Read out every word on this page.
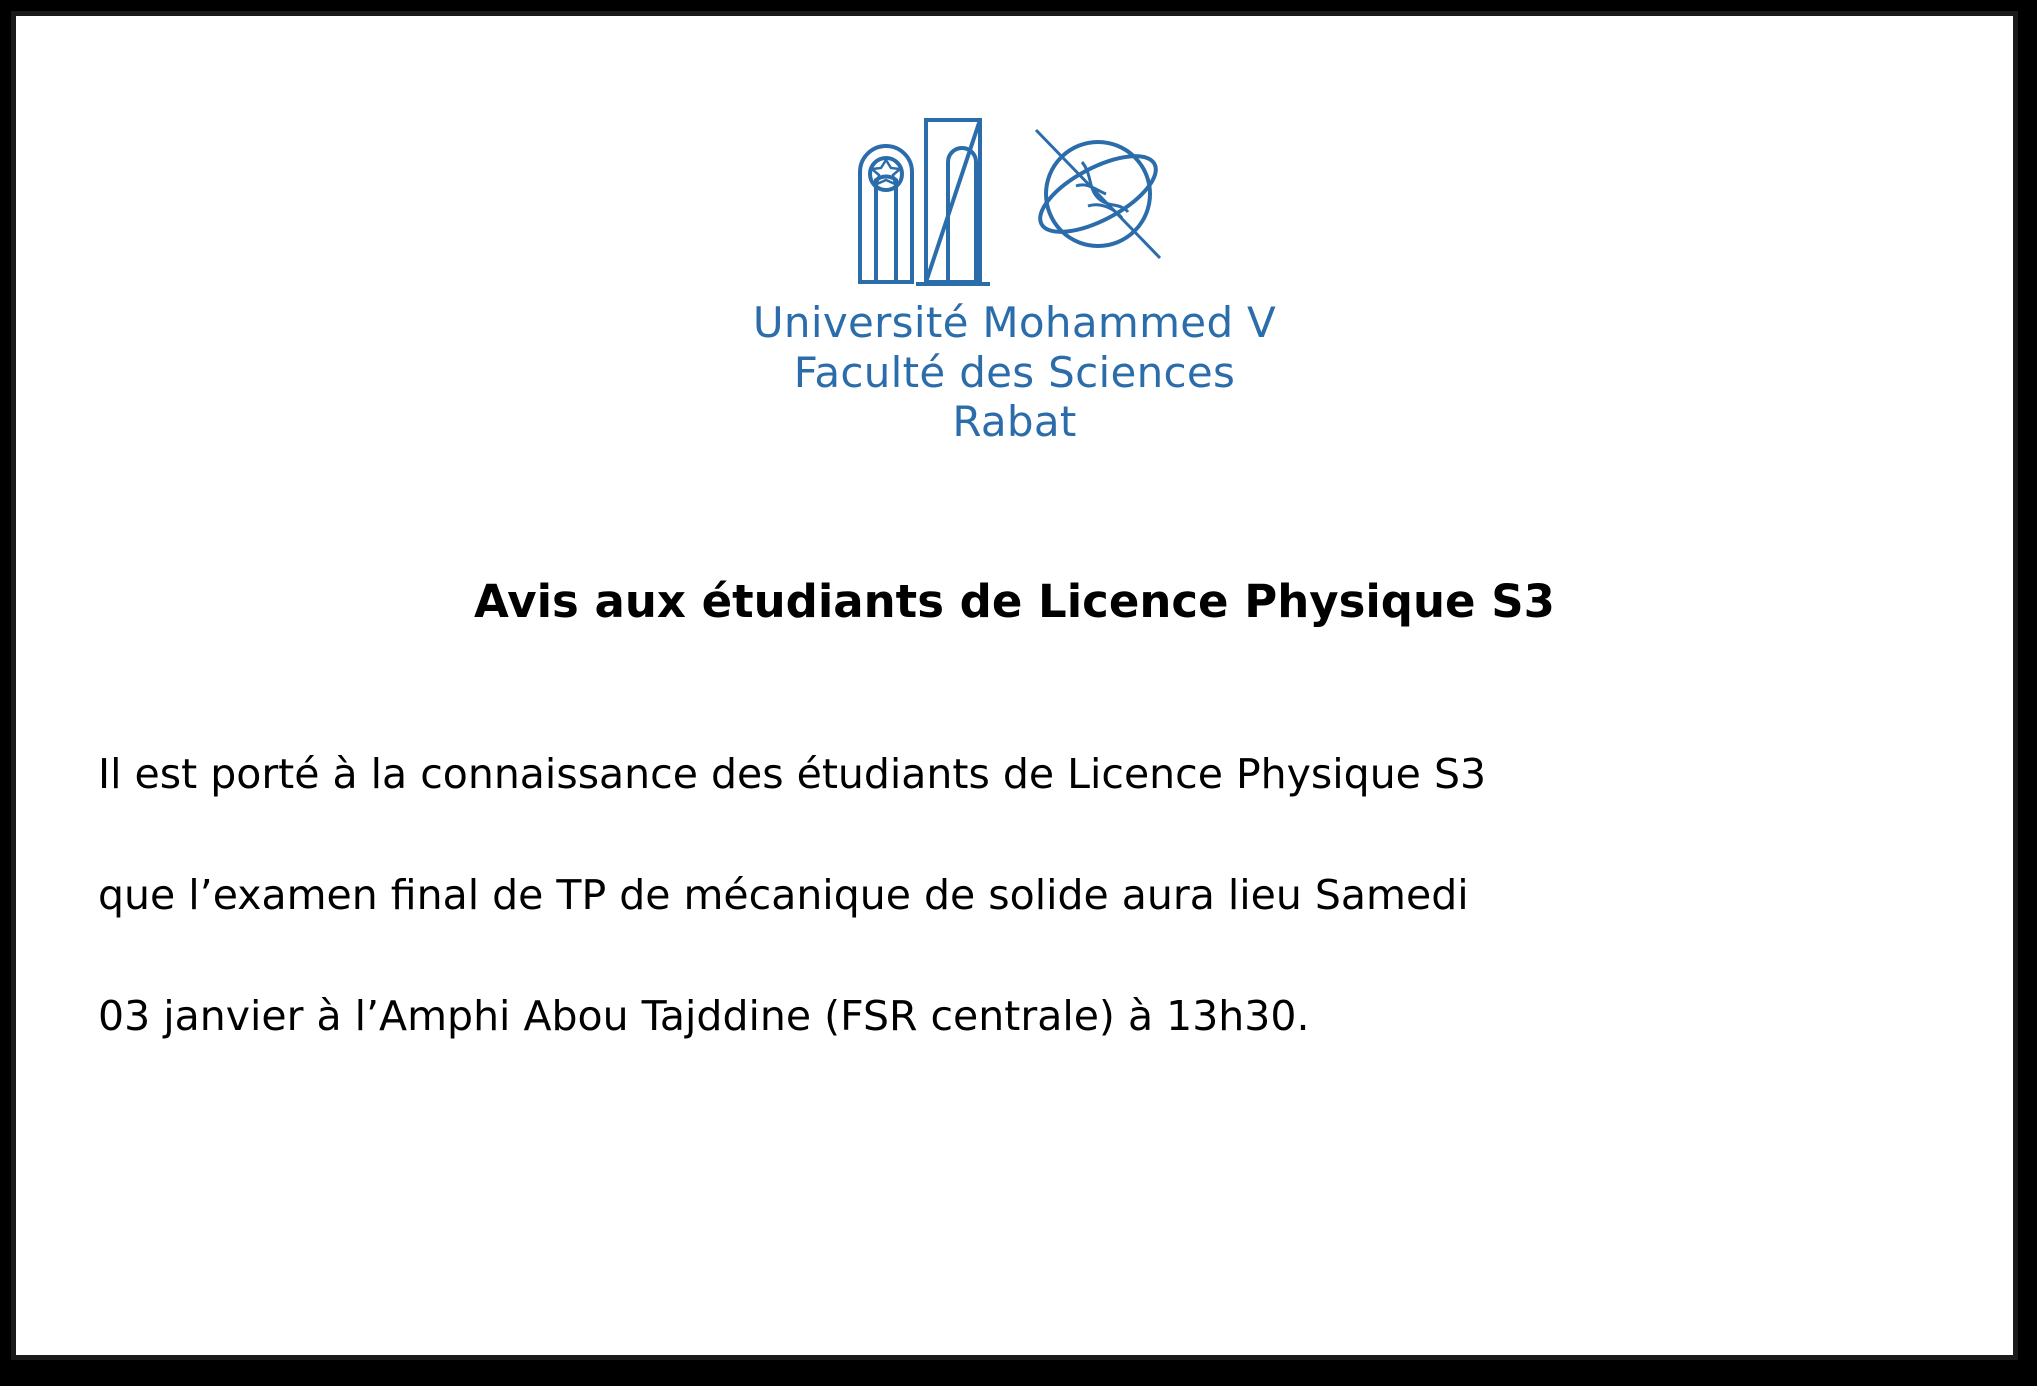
Université Mohammed V
Faculté des Sciences
Rabat
Avis aux étudiants de Licence Physique S3

Il est porté à la connaissance des étudiants de Licence Physique S3

que l’examen final de TP de mécanique de solide aura lieu Samedi

03 janvier à l’Amphi Abou Tajddine (FSR centrale) à 13h30.
